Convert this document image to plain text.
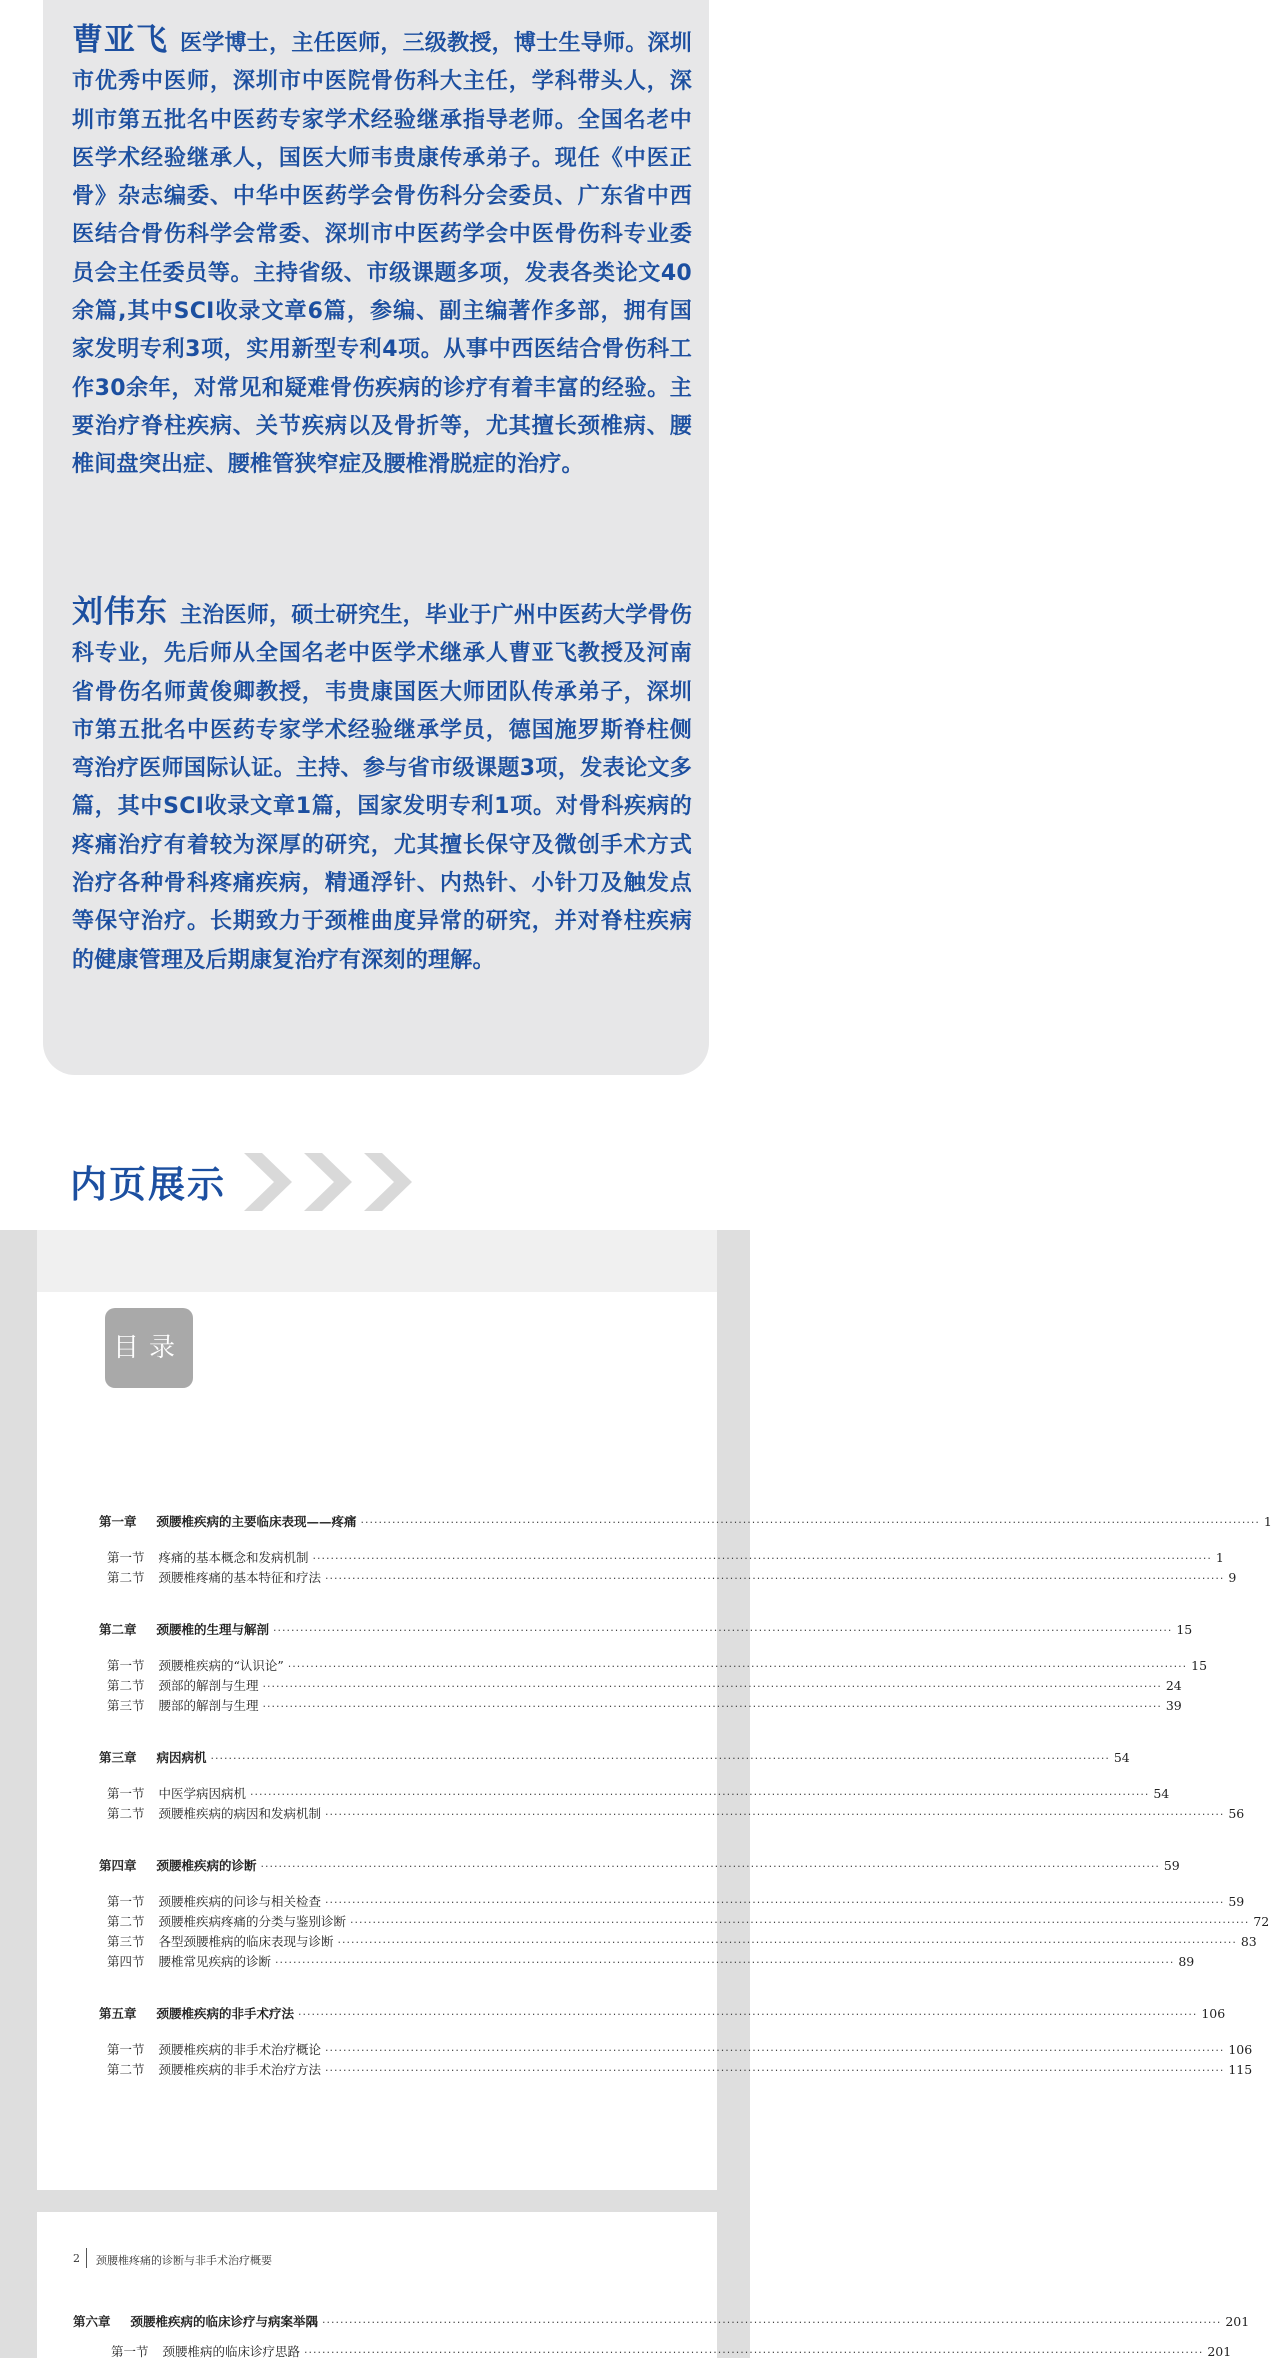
曹亚飞 医学博士，主任医师，三级教授，博士生导师。深圳市优秀中医师，深圳市中医院骨伤科大主任，学科带头人，深圳市第五批名中医药专家学术经验继承指导老师。全国名老中医学术经验继承人，国医大师韦贵康传承弟子。现任《中医正骨》杂志编委、中华中医药学会骨伤科分会委员、广东省中西医结合骨伤科学会常委、深圳市中医药学会中医骨伤科专业委员会主任委员等。主持省级、市级课题多项，发表各类论文40余篇,其中SCI收录文章6篇，参编、副主编著作多部，拥有国家发明专利3项，实用新型专利4项。从事中西医结合骨伤科工作30余年，对常见和疑难骨伤疾病的诊疗有着丰富的经验。主要治疗脊柱疾病、关节疾病以及骨折等，尤其擅长颈椎病、腰椎间盘突出症、腰椎管狭窄症及腰椎滑脱症的治疗。

刘伟东 主治医师，硕士研究生，毕业于广州中医药大学骨伤科专业，先后师从全国名老中医学术继承人曹亚飞教授及河南省骨伤名师黄俊卿教授，韦贵康国医大师团队传承弟子，深圳市第五批名中医药专家学术经验继承学员，德国施罗斯脊柱侧弯治疗医师国际认证。主持、参与省市级课题3项，发表论文多篇，其中SCI收录文章1篇，国家发明专利1项。对骨科疾病的疼痛治疗有着较为深厚的研究，尤其擅长保守及微创手术方式治疗各种骨科疼痛疾病，精通浮针、内热针、小针刀及触发点等保守治疗。长期致力于颈椎曲度异常的研究，并对脊柱疾病的健康管理及后期康复治疗有深刻的理解。

内页展示
目录
第一章 颈腰椎疾病的主要临床表现——疼痛 ········································································································································································································ 1
第一节 疼痛的基本概念和发病机制 ········································································································································································································ 1
第二节 颈腰椎疼痛的基本特征和疗法 ········································································································································································································ 9
第二章 颈腰椎的生理与解剖 ········································································································································································································ 15
第一节 颈腰椎疾病的“认识论” ········································································································································································································ 15
第二节 颈部的解剖与生理 ········································································································································································································ 24
第三节 腰部的解剖与生理 ········································································································································································································ 39
第三章 病因病机 ········································································································································································································ 54
第一节 中医学病因病机 ········································································································································································································ 54
第二节 颈腰椎疾病的病因和发病机制 ········································································································································································································ 56
第四章 颈腰椎疾病的诊断 ········································································································································································································ 59
第一节 颈腰椎疾病的问诊与相关检查 ········································································································································································································ 59
第二节 颈腰椎疾病疼痛的分类与鉴别诊断 ········································································································································································································ 72
第三节 各型颈腰椎病的临床表现与诊断 ········································································································································································································ 83
第四节 腰椎常见疾病的诊断 ········································································································································································································ 89
第五章 颈腰椎疾病的非手术疗法 ········································································································································································································ 106
第一节 颈腰椎疾病的非手术治疗概论 ········································································································································································································ 106
第二节 颈腰椎疾病的非手术治疗方法 ········································································································································································································ 115
2 颈腰椎疼痛的诊断与非手术治疗概要
第六章 颈腰椎疾病的临床诊疗与病案举隅 ········································································································································································································ 201
第一节 颈腰椎病的临床诊疗思路 ········································································································································································································ 201
